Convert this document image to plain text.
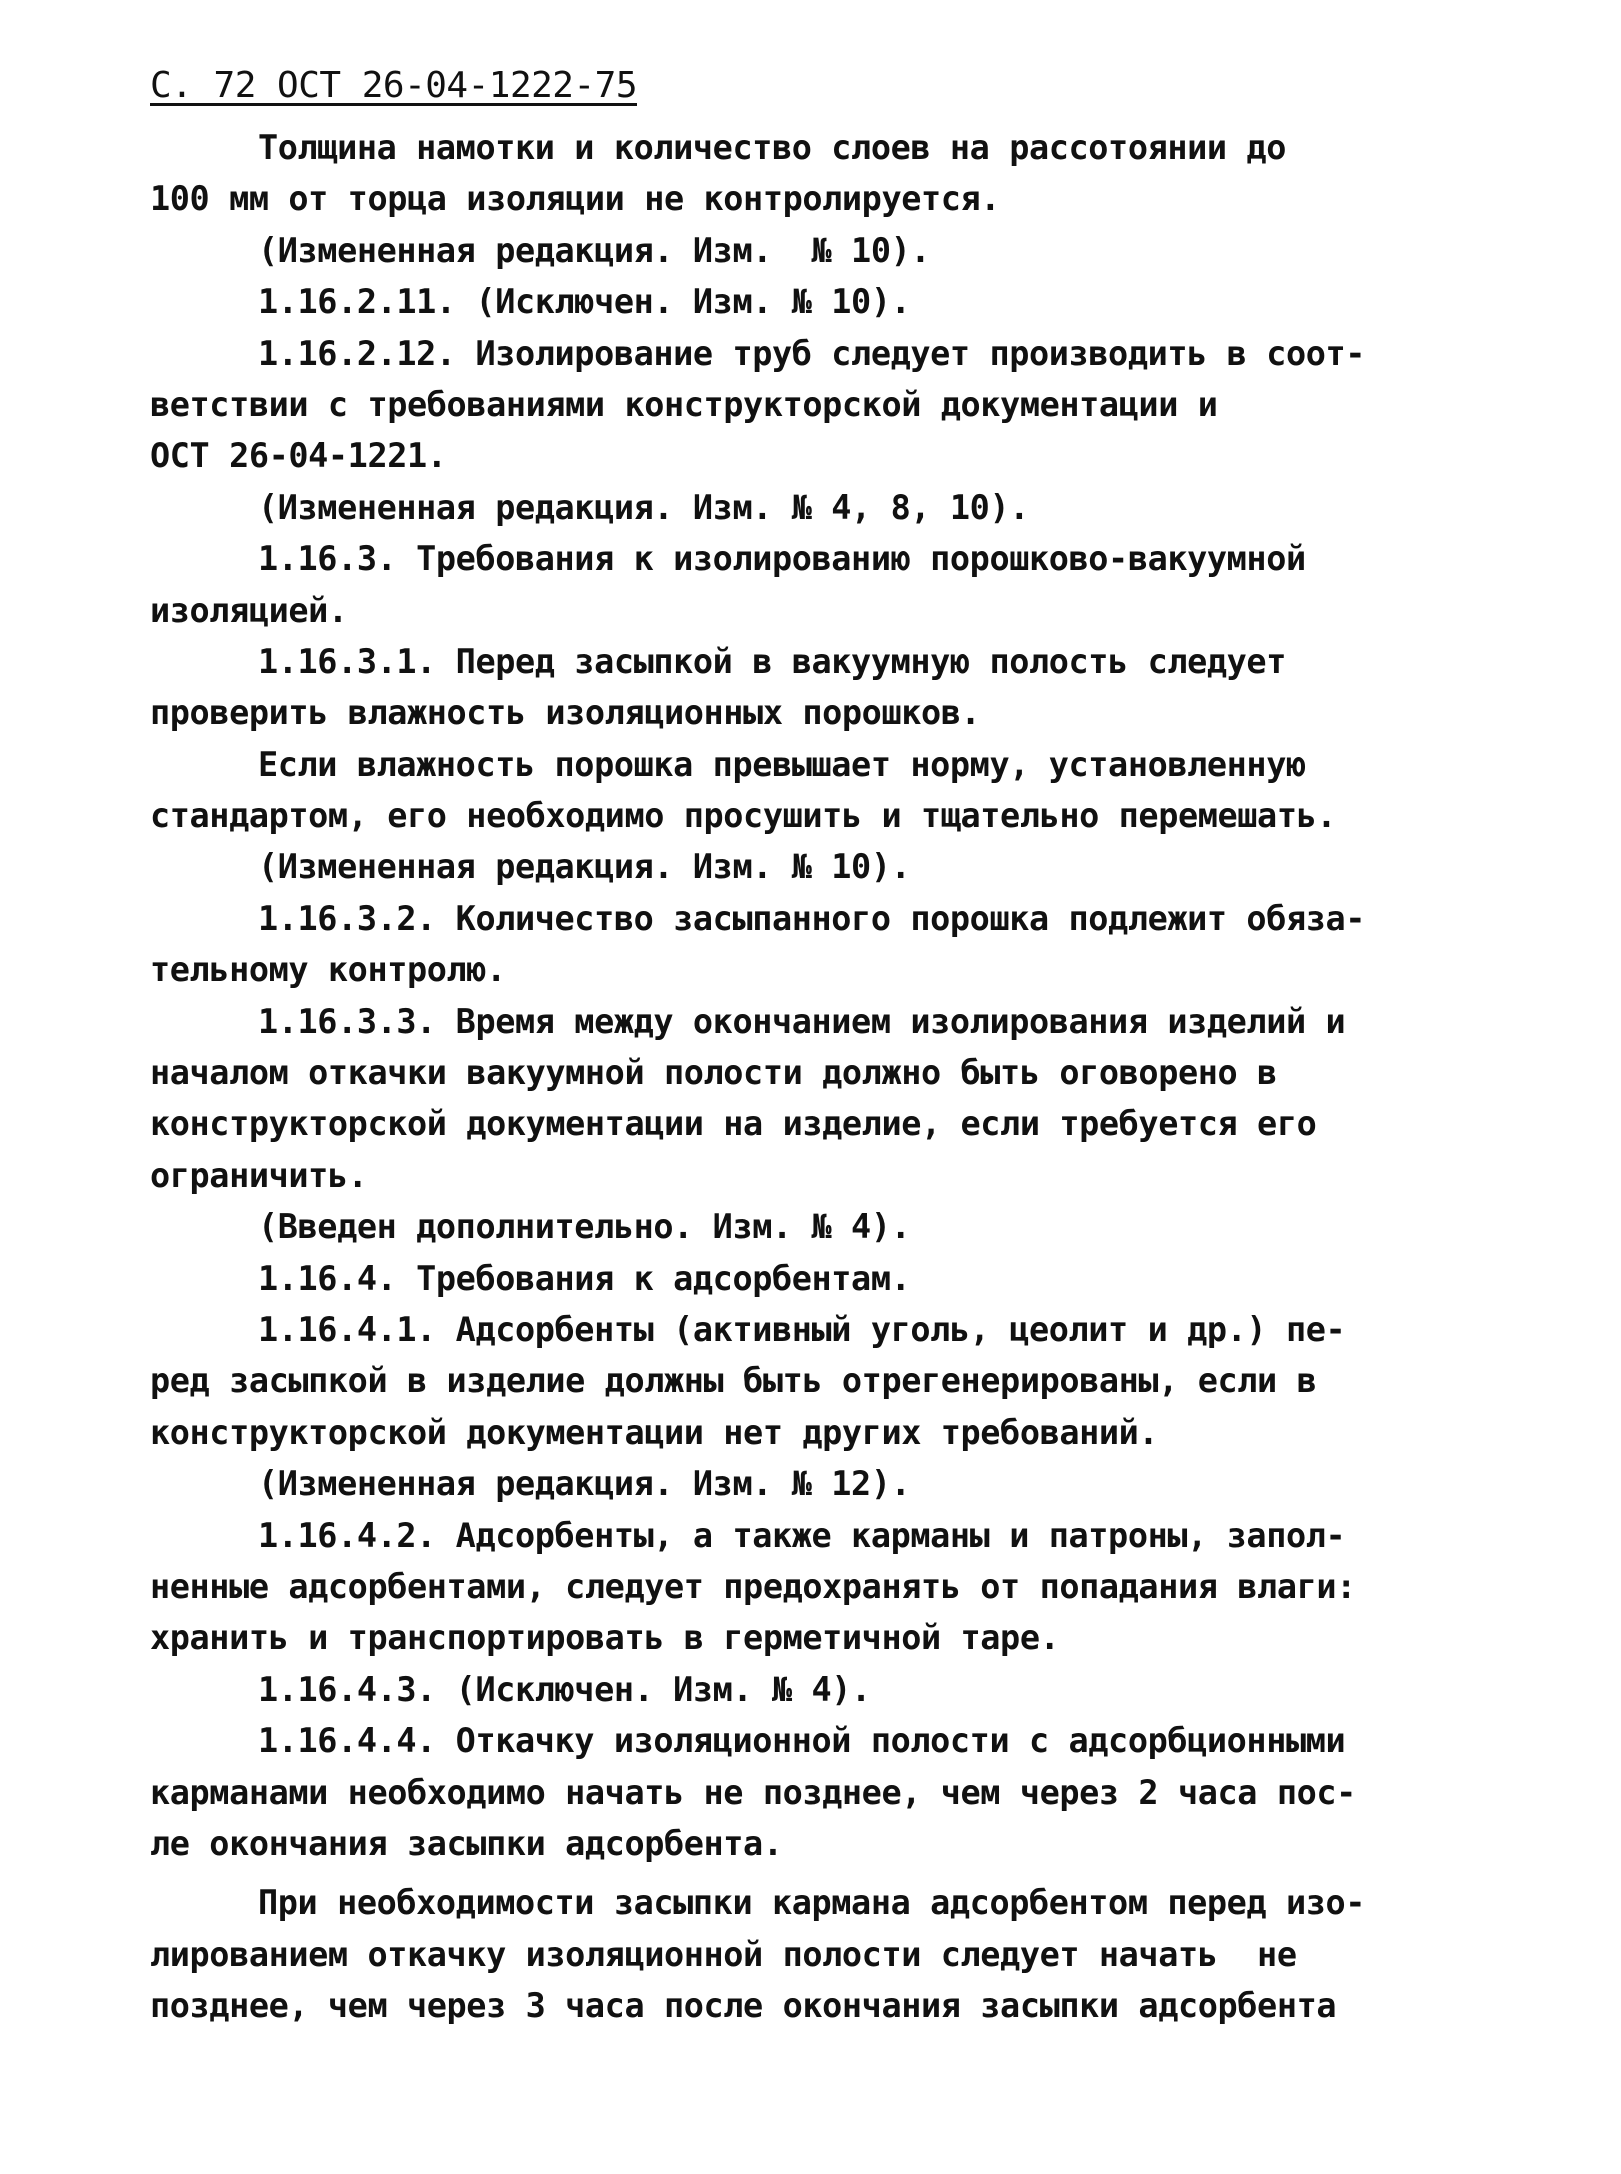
С. 72 ОСТ 26-04-1222-75
Толщина намотки и количество слоев на рассотоянии до
100 мм от торца изоляции не контролируется.
(Измененная редакция. Изм.  № 10).
1.16.2.11. (Исключен. Изм. № 10).
1.16.2.12. Изолирование труб следует производить в соот-
ветствии с требованиями конструкторской документации и
ОСТ 26-04-1221.
(Измененная редакция. Изм. № 4, 8, 10).
1.16.3. Требования к изолированию порошково-вакуумной
изоляцией.
1.16.3.1. Перед засыпкой в вакуумную полость следует
проверить влажность изоляционных порошков.
Если влажность порошка превышает норму, установленную
стандартом, его необходимо просушить и тщательно перемешать.
(Измененная редакция. Изм. № 10).
1.16.3.2. Количество засыпанного порошка подлежит обяза-
тельному контролю.
1.16.3.3. Время между окончанием изолирования изделий и
началом откачки вакуумной полости должно быть оговорено в
конструкторской документации на изделие, если требуется его
ограничить.
(Введен дополнительно. Изм. № 4).
1.16.4. Требования к адсорбентам.
1.16.4.1. Адсорбенты (активный уголь, цеолит и др.) пе-
ред засыпкой в изделие должны быть отрегенерированы, если в
конструкторской документации нет других требований.
(Измененная редакция. Изм. № 12).
1.16.4.2. Адсорбенты, а также карманы и патроны, запол-
ненные адсорбентами, следует предохранять от попадания влаги:
хранить и транспортировать в герметичной таре.
1.16.4.3. (Исключен. Изм. № 4).
1.16.4.4. Откачку изоляционной полости с адсорбционными
карманами необходимо начать не позднее, чем через 2 часа пос-
ле окончания засыпки адсорбента.
При необходимости засыпки кармана адсорбентом перед изо-
лированием откачку изоляционной полости следует начать  не
позднее, чем через 3 часа после окончания засыпки адсорбента
